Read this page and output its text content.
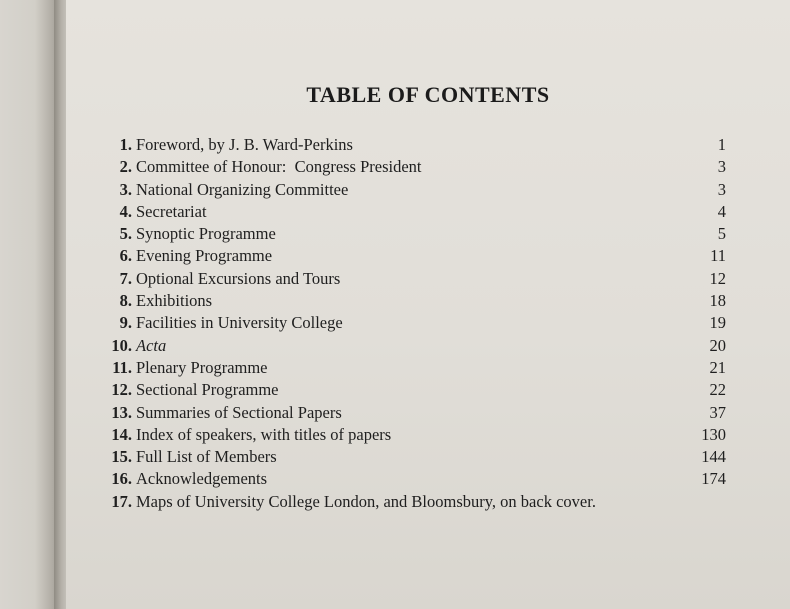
TABLE OF CONTENTS
1. Foreword, by J. B. Ward-Perkins	1
2. Committee of Honour:  Congress President	3
3. National Organizing Committee	3
4. Secretariat	4
5. Synoptic Programme	5
6. Evening Programme	11
7. Optional Excursions and Tours	12
8. Exhibitions	18
9. Facilities in University College	19
10. Acta	20
11. Plenary Programme	21
12. Sectional Programme	22
13. Summaries of Sectional Papers	37
14. Index of speakers, with titles of papers	130
15. Full List of Members	144
16. Acknowledgements	174
17. Maps of University College London, and Bloomsbury, on back cover.
